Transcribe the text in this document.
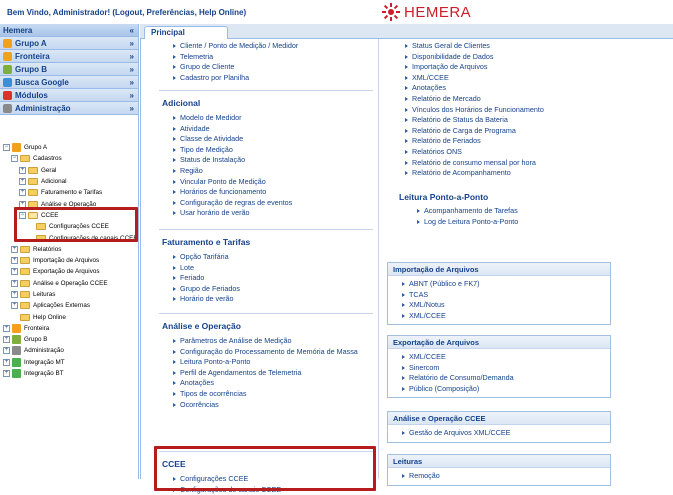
Bem Vindo, Administrador! (Logout, Preferências, Help Online)	HEMERA
Hemera	«
Grupo A	»
Fronteira	»
Grupo B	»
Busca Google	»
Módulos	»
Administração	»
−	Grupo A
−	Cadastros
+	Geral
+	Adicional
+	Faturamento e Tarifas
+	Análise e Operação
−	CCEE
Configurações CCEE
Configurações de canais CCEE
+	Relatórios
+	Importação de Arquivos
+	Exportação de Arquivos
+	Análise e Operação CCEE
+	Leituras
+	Aplicações Externas
Help Online
+	Fronteira
+	Grupo B
+	Administração
+	Integração MT
+	Integração BT
Principal
Cliente / Ponto de Medição / Medidor
Telemetria
Grupo de Cliente
Cadastro por Planilha
Adicional
Modelo de Medidor
Atividade
Classe de Atividade
Tipo de Medição
Status de Instalação
Região
Vincular Ponto de Medição
Horários de funcionamento
Configuração de regras de eventos
Usar horário de verão
Faturamento e Tarifas
Opção Tarifária
Lote
Feriado
Grupo de Feriados
Horário de verão
Análise e Operação
Parâmetros de Análise de Medição
Configuração do Processamento de Memória de Massa
Leitura Ponto-a-Ponto
Perfil de Agendamentos de Telemetria
Anotações
Tipos de ocorrências
Ocorrências
CCEE
Configurações CCEE
Configurações de canais CCEE
Status Geral de Clientes
Disponibilidade de Dados
Importação de Arquivos
XML/CCEE
Anotações
Relatório de Mercado
Vínculos dos Horários de Funcionamento
Relatório de Status da Bateria
Relatório de Carga de Programa
Relatório de Feriados
Relatórios ONS
Relatório de consumo mensal por hora
Relatório de Acompanhamento
Leitura Ponto-a-Ponto
Acompanhamento de Tarefas
Log de Leitura Ponto-a-Ponto
Importação de Arquivos
ABNT (Público e FK7)
TCAS
XML/Notus
XML/CCEE
Exportação de Arquivos
XML/CCEE
Sinercom
Relatório de Consumo/Demanda
Público (Composição)
Análise e Operação CCEE
Gestão de Arquivos XML/CCEE
Leituras
Remoção
